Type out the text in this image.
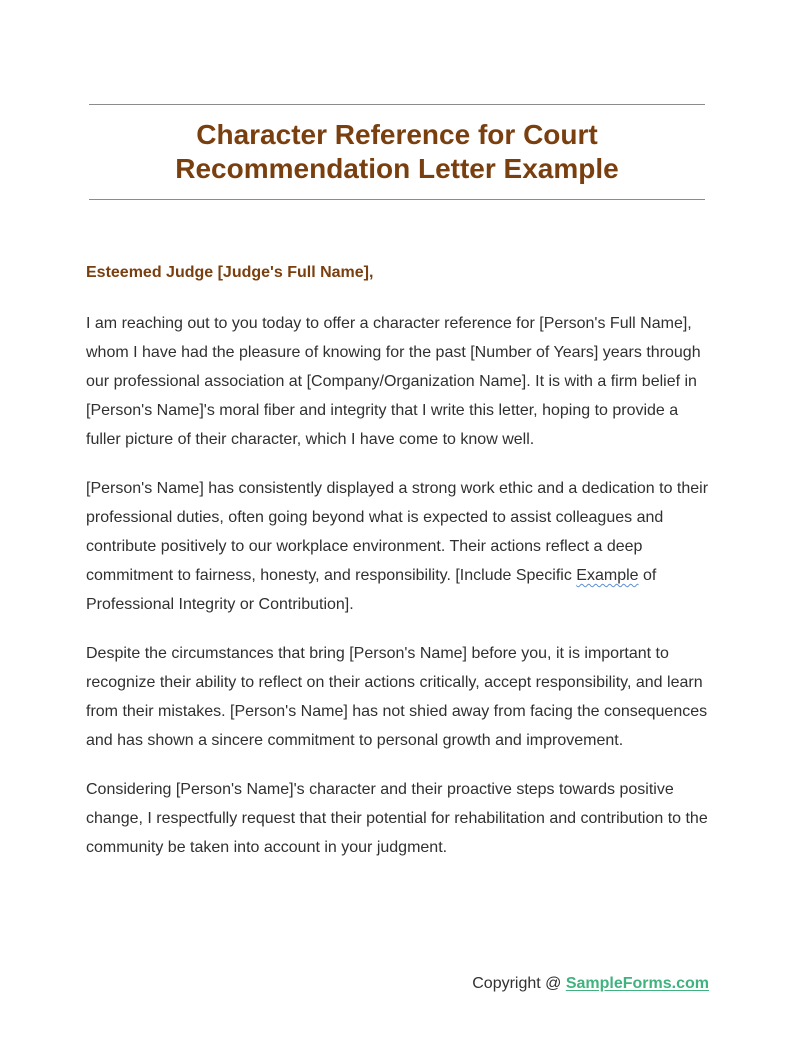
Character Reference for Court
Recommendation Letter Example

Esteemed Judge [Judge's Full Name],

I am reaching out to you today to offer a character reference for [Person's Full Name], whom I have had the pleasure of knowing for the past [Number of Years] years through our professional association at [Company/Organization Name]. It is with a firm belief in [Person's Name]'s moral fiber and integrity that I write this letter, hoping to provide a fuller picture of their character, which I have come to know well.

[Person's Name] has consistently displayed a strong work ethic and a dedication to their professional duties, often going beyond what is expected to assist colleagues and contribute positively to our workplace environment. Their actions reflect a deep commitment to fairness, honesty, and responsibility. [Include Specific Example of Professional Integrity or Contribution].

Despite the circumstances that bring [Person's Name] before you, it is important to recognize their ability to reflect on their actions critically, accept responsibility, and learn from their mistakes. [Person's Name] has not shied away from facing the consequences and has shown a sincere commitment to personal growth and improvement.

Considering [Person's Name]'s character and their proactive steps towards positive change, I respectfully request that their potential for rehabilitation and contribution to the community be taken into account in your judgment.

Copyright @ SampleForms.com
